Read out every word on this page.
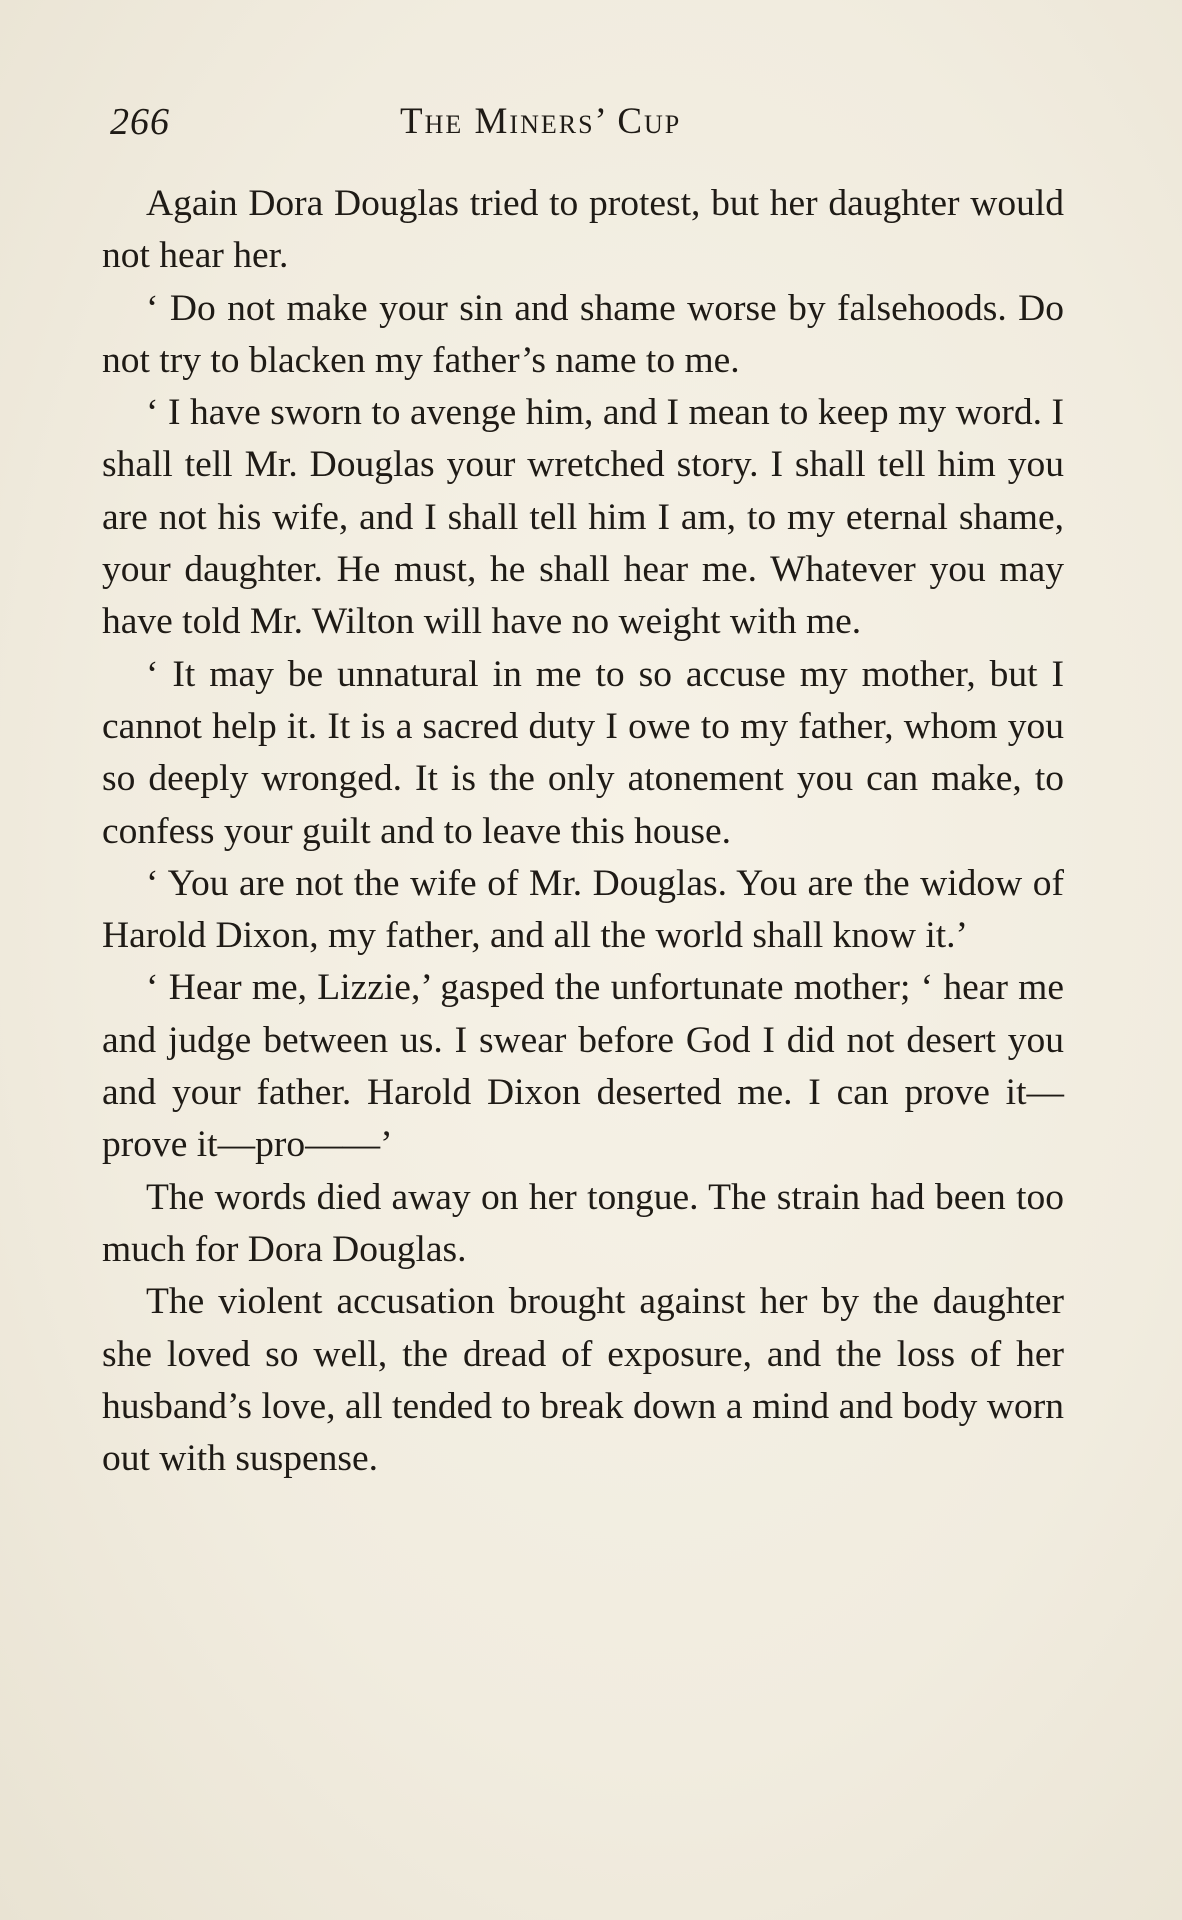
266	The Miners’ Cup

Again Dora Douglas tried to protest, but her daughter would not hear her.

‘ Do not make your sin and shame worse by falsehoods. Do not try to blacken my father’s name to me.

‘ I have sworn to avenge him, and I mean to keep my word. I shall tell Mr. Douglas your wretched story. I shall tell him you are not his wife, and I shall tell him I am, to my eternal shame, your daughter. He must, he shall hear me. Whatever you may have told Mr. Wilton will have no weight with me.

‘ It may be unnatural in me to so accuse my mother, but I cannot help it. It is a sacred duty I owe to my father, whom you so deeply wronged. It is the only atonement you can make, to confess your guilt and to leave this house.

‘ You are not the wife of Mr. Douglas. You are the widow of Harold Dixon, my father, and all the world shall know it.’

‘ Hear me, Lizzie,’ gasped the unfortunate mother; ‘ hear me and judge between us. I swear before God I did not desert you and your father. Harold Dixon deserted me. I can prove it—prove it—pro——’

The words died away on her tongue. The strain had been too much for Dora Douglas.

The violent accusation brought against her by the daughter she loved so well, the dread of exposure, and the loss of her husband’s love, all tended to break down a mind and body worn out with suspense.
